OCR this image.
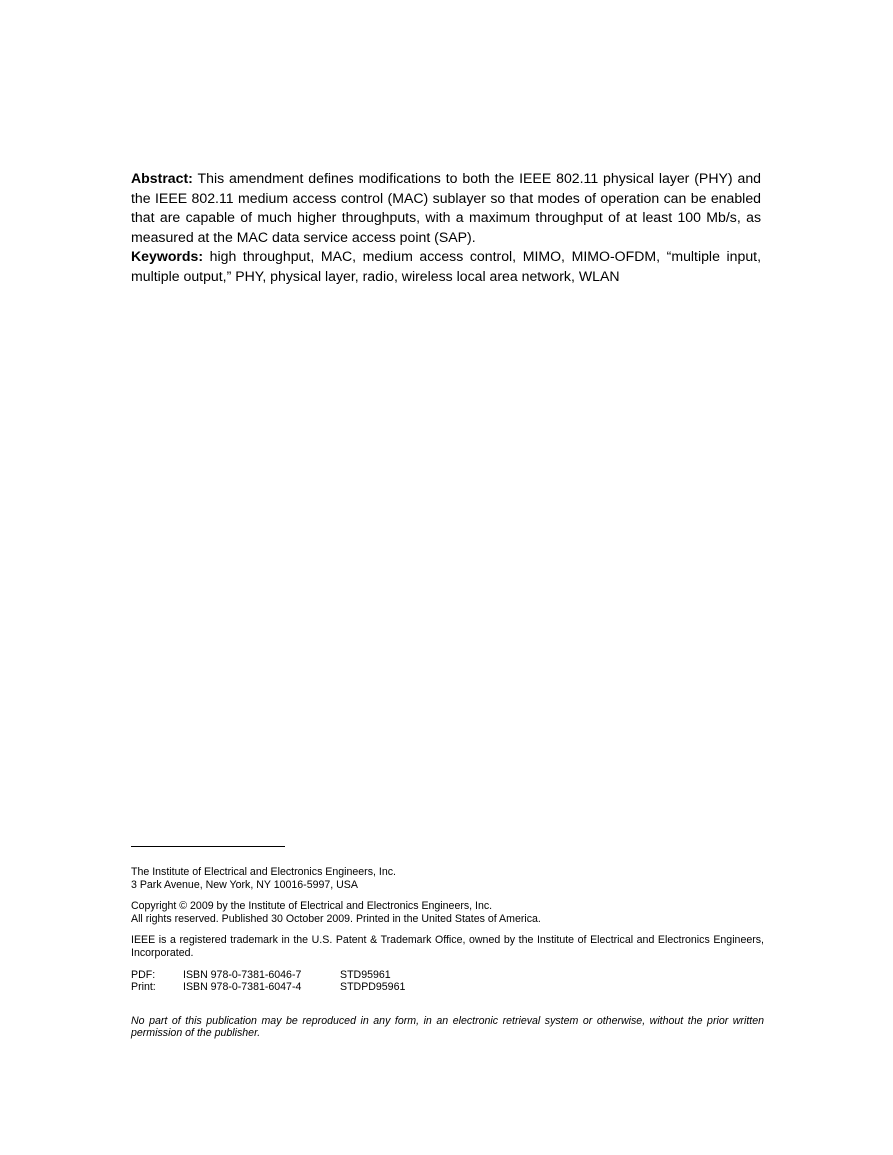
Abstract: This amendment defines modifications to both the IEEE 802.11 physical layer (PHY) and the IEEE 802.11 medium access control (MAC) sublayer so that modes of operation can be enabled that are capable of much higher throughputs, with a maximum throughput of at least 100 Mb/s, as measured at the MAC data service access point (SAP).

Keywords: high throughput, MAC, medium access control, MIMO, MIMO-OFDM, “multiple input, multiple output,” PHY, physical layer, radio, wireless local area network, WLAN

The Institute of Electrical and Electronics Engineers, Inc.

3 Park Avenue, New York, NY 10016-5997, USA

Copyright © 2009 by the Institute of Electrical and Electronics Engineers, Inc.

All rights reserved. Published 30 October 2009. Printed in the United States of America.

IEEE is a registered trademark in the U.S. Patent & Trademark Office, owned by the Institute of Electrical and Electronics Engineers, Incorporated.

PDF:	ISBN 978-0-7381-6046-7	STD95961
Print:	ISBN 978-0-7381-6047-4	STDPD95961

No part of this publication may be reproduced in any form, in an electronic retrieval system or otherwise, without the prior written permission of the publisher.
